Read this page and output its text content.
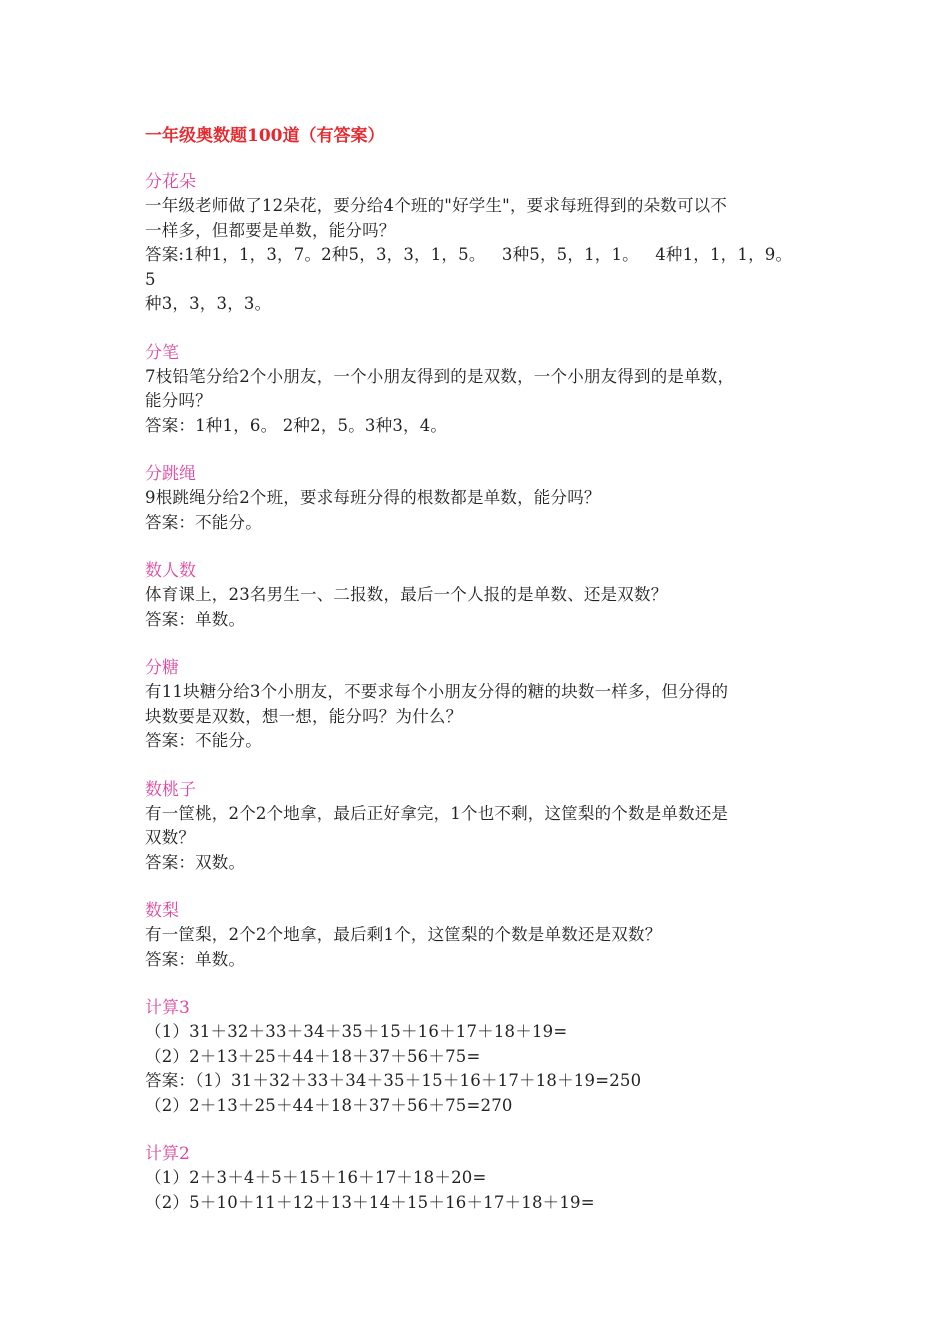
一年级奥数题100道（有答案）

分花朵

一年级老师做了12朵花，要分给4个班的"好学生"，要求每班得到的朵数可以不

一样多，但都要是单数，能分吗？

答案:1种1，1，3，7。2种5，3，3，1，5。   3种5，5，1，1。   4种1，1，1，9。   5

种3，3，3，3。

分笔

7枝铅笔分给2个小朋友，一个小朋友得到的是双数，一个小朋友得到的是单数，

能分吗？

答案：1种1，6。 2种2，5。3种3，4。

分跳绳

9根跳绳分给2个班，要求每班分得的根数都是单数，能分吗？

答案：不能分。

数人数

体育课上，23名男生一、二报数，最后一个人报的是单数、还是双数？

答案：单数。

分糖

有11块糖分给3个小朋友，不要求每个小朋友分得的糖的块数一样多，但分得的

块数要是双数，想一想，能分吗？为什么？

答案：不能分。

数桃子

有一筐桃，2个2个地拿，最后正好拿完，1个也不剩，这筐梨的个数是单数还是

双数？

答案：双数。

数梨

有一筐梨，2个2个地拿，最后剩1个，这筐梨的个数是单数还是双数？

答案：单数。

计算3

（1）31＋32＋33＋34＋35＋15＋16＋17＋18＋19=

（2）2＋13＋25＋44＋18＋37＋56＋75=

答案：（1）31＋32＋33＋34＋35＋15＋16＋17＋18＋19=250

（2）2＋13＋25＋44＋18＋37＋56＋75=270

计算2

（1）2＋3＋4＋5＋15＋16＋17＋18＋20=

（2）5＋10＋11＋12＋13＋14＋15＋16＋17＋18＋19=
